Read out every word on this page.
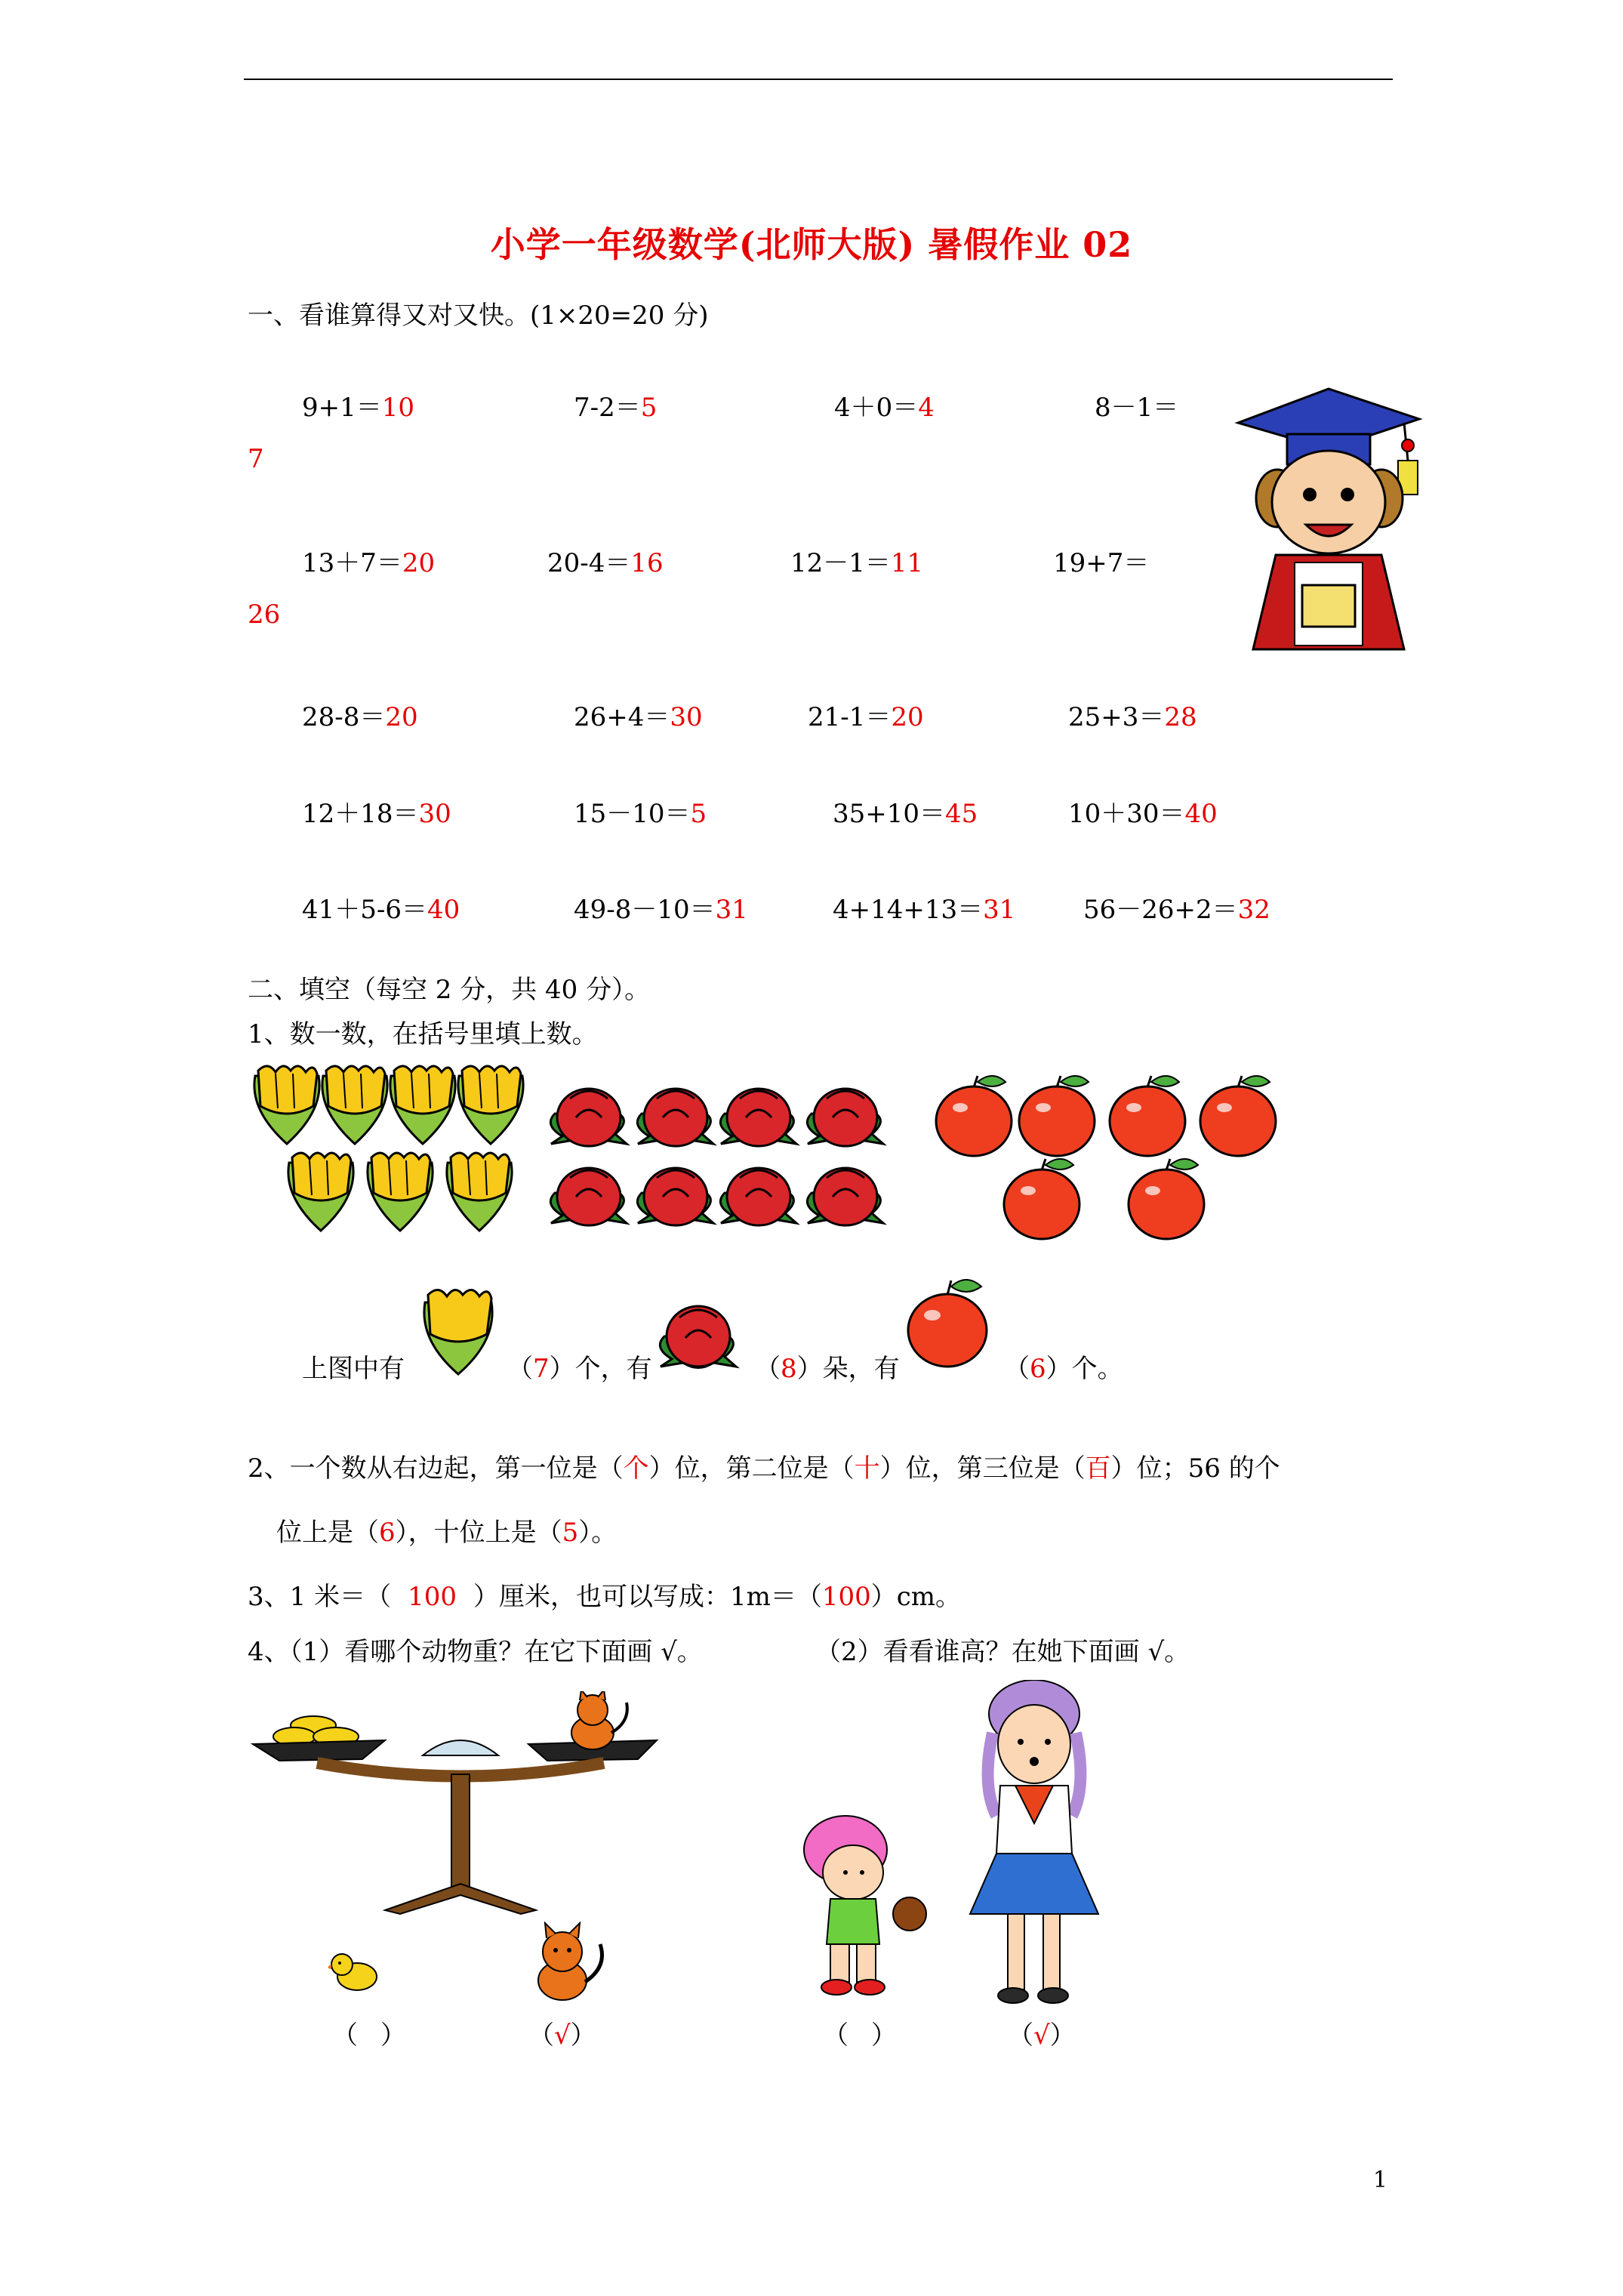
小学一年级数学(北师大版) 暑假作业 02
一、看谁算得又对又快。(1×20=20 分)
9+1＝10	7-2＝5	4＋0＝4	8－1＝
7
13＋7＝20	20-4＝16	12－1＝11	19+7＝
26
28-8＝20	26+4＝30	21-1＝20	25+3＝28
12＋18＝30	15－10＝5	35+10＝45	10＋30＝40
41＋5-6＝40	49-8－10＝31	4+14+13＝31	56－26+2＝32
二、填空（每空 2 分，共 40 分）。
1、数一数，在括号里填上数。
上图中有	（7）个，有	（8）朵，有	（6）个。
2、一个数从右边起，第一位是（个）位，第二位是（十）位，第三位是（百）位；56 的个
位上是（6），十位上是（5）。
3、1 米＝（ 100 ）厘米，也可以写成：1m＝（100）cm。
4、（1）看哪个动物重？在它下面画 √。	（2）看看谁高？在她下面画 √。
（ ）	（√）	（ ）	（√）
1
